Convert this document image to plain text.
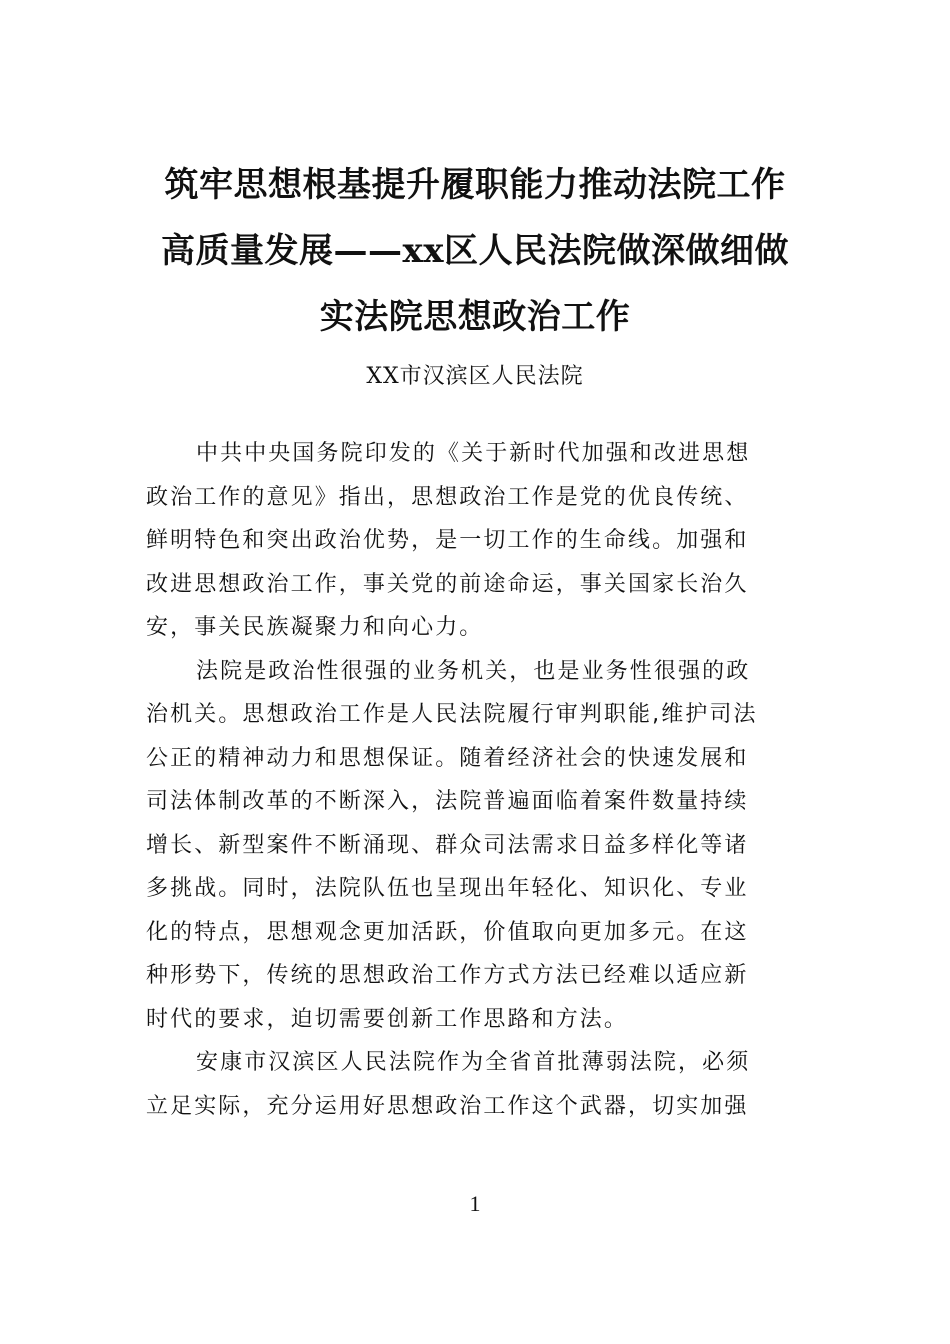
筑牢思想根基提升履职能力推动法院工作
高质量发展——xx区人民法院做深做细做
实法院思想政治工作
XX市汉滨区人民法院

中共中央国务院印发的《关于新时代加强和改进思想
政治工作的意见》指出，思想政治工作是党的优良传统、
鲜明特色和突出政治优势，是一切工作的生命线。加强和
改进思想政治工作，事关党的前途命运，事关国家长治久
安，事关民族凝聚力和向心力。

法院是政治性很强的业务机关，也是业务性很强的政
治机关。思想政治工作是人民法院履行审判职能,维护司法
公正的精神动力和思想保证。随着经济社会的快速发展和
司法体制改革的不断深入，法院普遍面临着案件数量持续
增长、新型案件不断涌现、群众司法需求日益多样化等诸
多挑战。同时，法院队伍也呈现出年轻化、知识化、专业
化的特点，思想观念更加活跃，价值取向更加多元。在这
种形势下，传统的思想政治工作方式方法已经难以适应新
时代的要求，迫切需要创新工作思路和方法。

安康市汉滨区人民法院作为全省首批薄弱法院，必须
立足实际，充分运用好思想政治工作这个武器，切实加强

1
